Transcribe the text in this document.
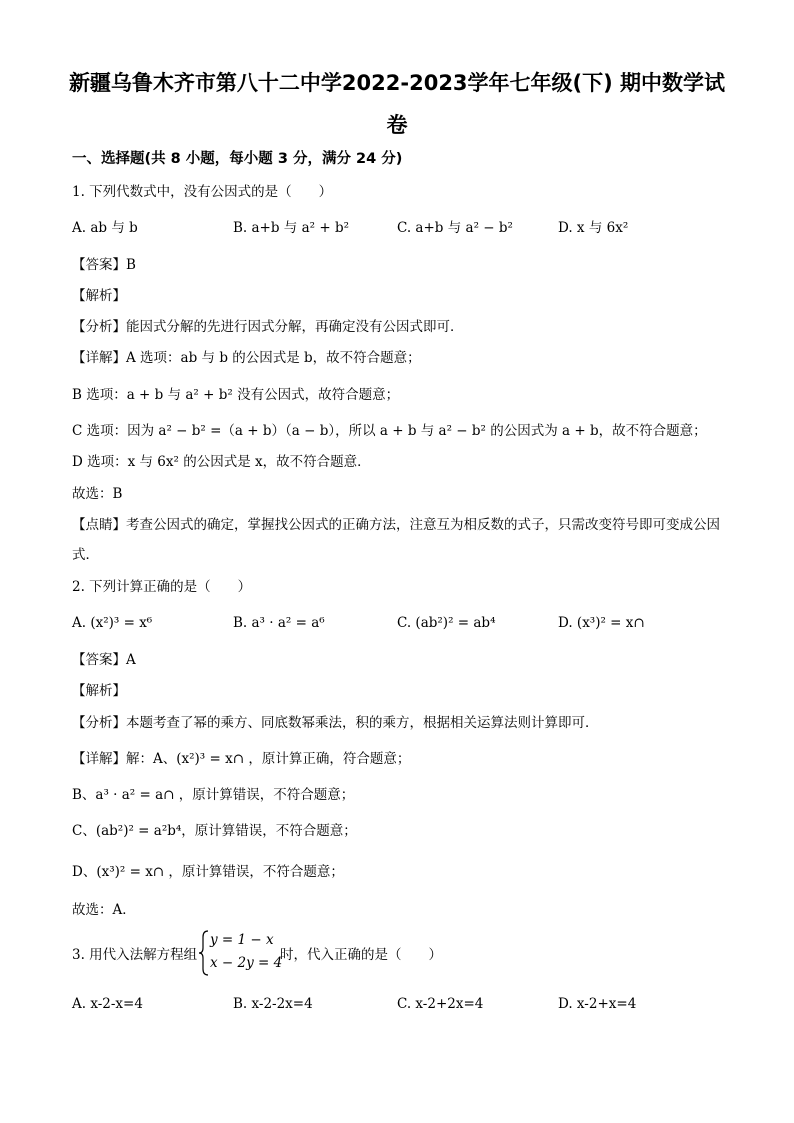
新疆乌鲁木齐市第八十二中学2022-2023学年七年级(下) 期中数学试
卷
一、选择题(共 8 小题，每小题 3 分，满分 24 分)
1. 下列代数式中，没有公因式的是（　　）
A. ab 与 b	B. a+b 与 a² + b²	C. a+b 与 a² − b²	D. x 与 6x²
【答案】B
【解析】
【分析】能因式分解的先进行因式分解，再确定没有公因式即可．
【详解】A 选项：ab 与 b 的公因式是 b，故不符合题意；
B 选项：a + b 与 a² + b² 没有公因式，故符合题意；
C 选项：因为 a² − b² =（a + b）（a − b），所以 a + b 与 a² − b² 的公因式为 a + b，故不符合题意；
D 选项：x 与 6x² 的公因式是 x，故不符合题意．
故选：B
【点睛】考查公因式的确定，掌握找公因式的正确方法，注意互为相反数的式子，只需改变符号即可变成公因式．
2. 下列计算正确的是（　　）
A. (x²)³ = x⁶	B. a³ · a² = a⁶	C. (ab²)² = ab⁴	D. (x³)² = x∩
【答案】A
【解析】
【分析】本题考查了幂的乘方、同底数幂乘法，积的乘方，根据相关运算法则计算即可．
【详解】解：A、(x²)³ = x∩ ，原计算正确，符合题意；
B、a³ · a² = a∩ ，原计算错误，不符合题意；
C、(ab²)² = a²b⁴，原计算错误，不符合题意；
D、(x³)² = x∩ ，原计算错误，不符合题意；
故选：A．
3. 用代入法解方程组
y = 1 − x
x − 2y = 4
时，代入正确的是（　　）
A. x-2-x=4	B. x-2-2x=4	C. x-2+2x=4	D. x-2+x=4
